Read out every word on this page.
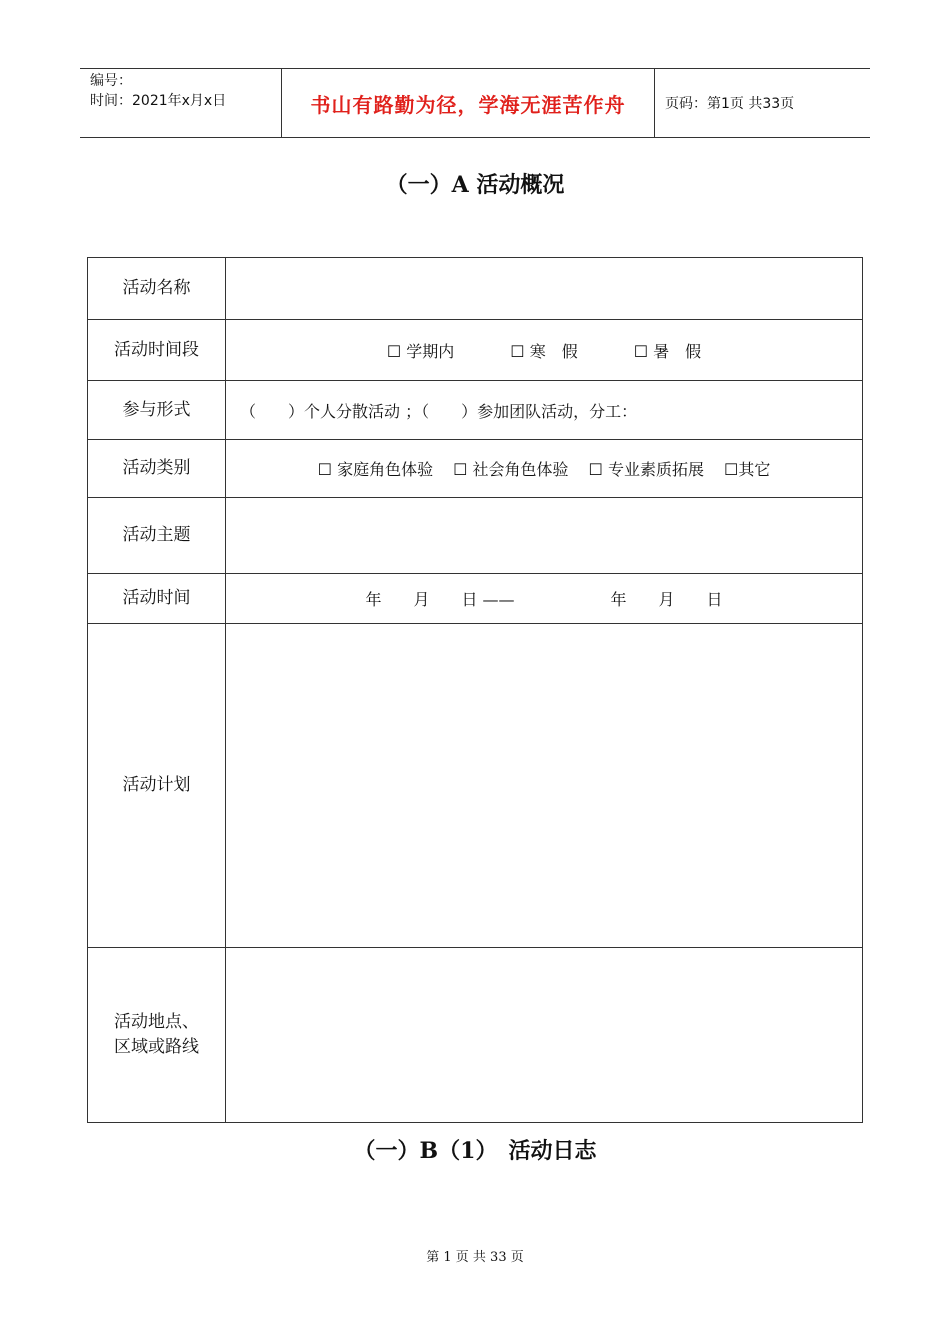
编号：
时间：2021年x月x日	书山有路勤为径，学海无涯苦作舟	页码：第1页 共33页
（一）A 活动概况
活动名称	
活动时间段	☐ 学期内 ☐ 寒　假 ☐ 暑　假
参与形式	（　　）个人分散活动 ；（　　）参加团队活动，分工：
活动类别	☐ 家庭角色体验 ☐ 社会角色体验 ☐ 专业素质拓展 ☐其它
活动主题	
活动时间	年　　月　　日 ——　　　　　　年　　月　　日
活动计划	

活动地点、
区域或路线	

（一）B（1）　活动日志
第 1 页 共 33 页
